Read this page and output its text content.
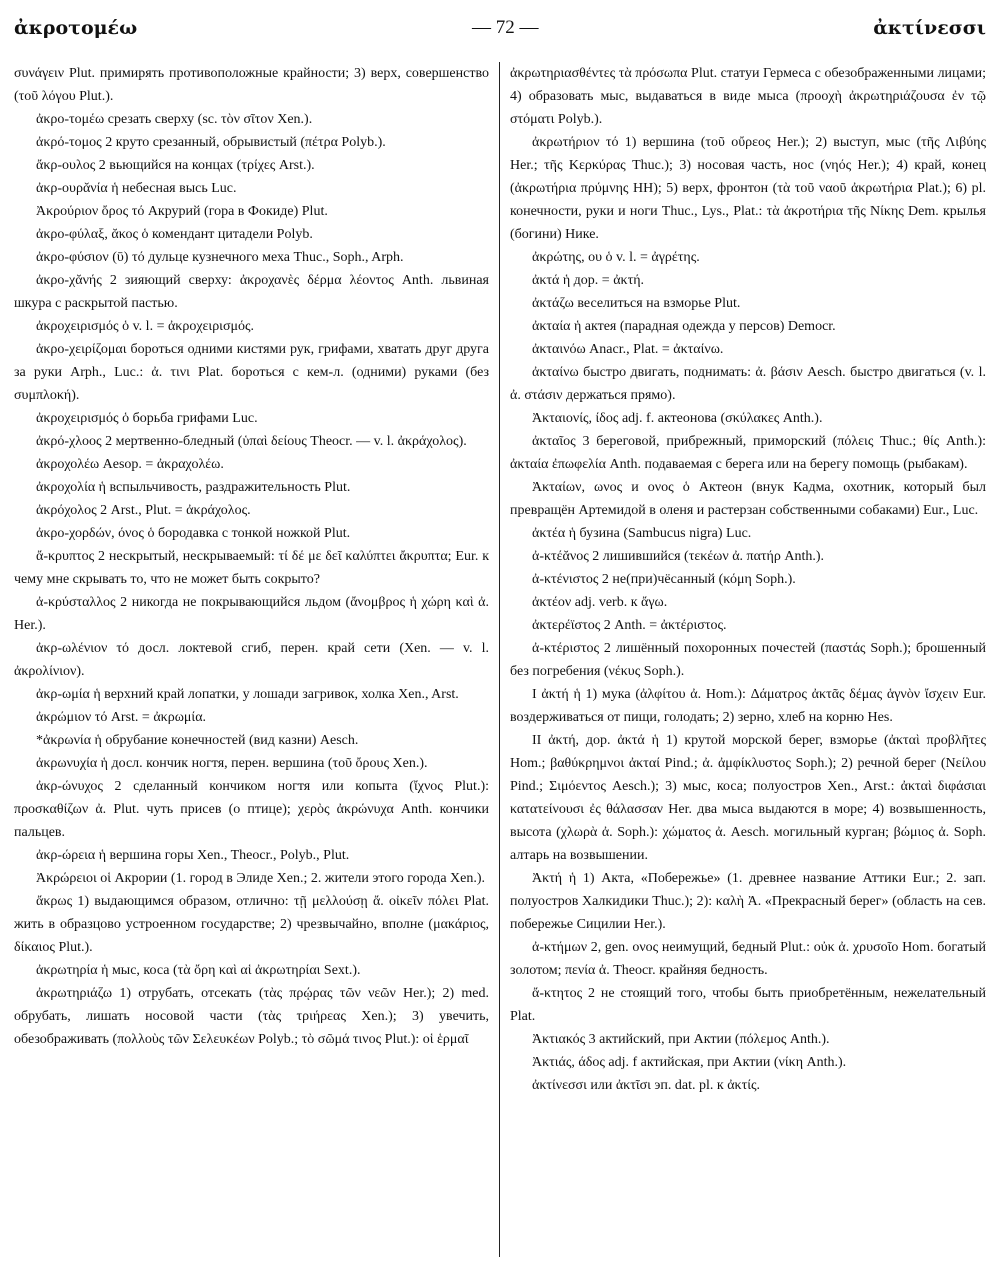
ἀκροτομέω	— 72 —	ἀκτίνεσσι

συνάγειν Plut. примирять противоположные крайности; 3) верх, совершенство (τοῦ λόγου Plut.).

ἀκρο-τομέω срезать сверху (sc. τὸν σῖτον Xen.).

ἀκρό-τομος 2 круто срезанный, обрывистый (πέτρα Polyb.).

ἄκρ-ουλος 2 вьющийся на концах (τρίχες Arst.).

ἀκρ-ουρᾰνία ἡ небесная высь Luc.

Ἀκρούριον ὄρος τό Акрурий (гора в Фокиде) Plut.

ἀκρο-φύλαξ, ᾰκος ὁ комендант цитадели Polyb.

ἀκρο-φύσιον (ῡ) τό дульце кузнечного меха Thuc., Soph., Arph.

ἀκρο-χᾰνής 2 зияющий сверху: ἀκροχανὲς δέρμα λέοντος Anth. львиная шкура с раскрытой пастью.

ἀκροχειρισμός ὁ v. l. = ἀκροχειρισμός.

ἀκρο-χειρίζομαι бороться одними кистями рук, грифами, хватать друг друга за руки Arph., Luc.: ἀ. τινι Plat. бороться с кем-л. (одними) руками (без συμπλοκή).

ἀκροχειρισμός ὁ борьба грифами Luc.

ἀκρό-χλοος 2 мертвенно-бледный (ὑπαὶ δείους Theocr. — v. l. ἀκράχολος).

ἀκροχολέω Aesop. = ἀκραχολέω.

ἀκροχολία ἡ вспыльчивость, раздражительность Plut.

ἀκρόχολος 2 Arst., Plut. = ἀκράχολος.

ἀκρο-χορδών, όνος ὁ бородавка с тонкой ножкой Plut.

ἄ-κρυπτος 2 нескрытый, нескрываемый: τί δέ με δεῖ καλύπτει ἄκρυπτα; Eur. к чему мне скрывать то, что не может быть сокрыто?

ἀ-κρύσταλλος 2 никогда не покрывающийся льдом (ἄνομβρος ἡ χώρη καὶ ἀ. Her.).

ἀκρ-ωλένιον τό досл. локтевой сгиб, перен. край сети (Xen. — v. l. ἀκρολίνιον).

ἀκρ-ωμία ἡ верхний край лопатки, у лошади загривок, холка Xen., Arst.

ἀκρώμιον τό Arst. = ἀκρωμία.

*ἀκρωνία ἡ обрубание конечностей (вид казни) Aesch.

ἀκρωνυχία ἡ досл. кончик ногтя, перен. вершина (τοῦ ὄρους Xen.).

ἀκρ-ώνυχος 2 сделанный кончиком ногтя или копыта (ἴχνος Plut.): προσκαθίζων ἀ. Plut. чуть присев (о птице); χερὸς ἀκρώνυχα Anth. кончики пальцев.

ἀκρ-ώρεια ἡ вершина горы Xen., Theocr., Polyb., Plut.

Ἀκρώρειοι οἱ Акрории (1. город в Элиде Xen.; 2. жители этого города Xen.).

ἄκρως 1) выдающимся образом, отлично: τῇ μελλούσῃ ἄ. οἰκεῖν πόλει Plat. жить в образцово устроенном государстве; 2) чрезвычайно, вполне (μακάριος, δίκαιος Plut.).

ἀκρωτηρία ἡ мыс, коса (τὰ ὄρη καὶ αἱ ἀκρωτηρίαι Sext.).

ἀκρωτηριάζω 1) отрубать, отсекать (τὰς πρῴρας τῶν νεῶν Her.); 2) med. обрубать, лишать носовой части (τὰς τριήρεας Xen.); 3) увечить, обезображивать (πολλοὺς τῶν Σελευκέων Polyb.; τὸ σῶμά τινος Plut.): οἱ ἑρμαῖ

ἀκρωτηριασθέντες τὰ πρόσωπα Plut. статуи Гермеса с обезображенными лицами; 4) образовать мыс, выдаваться в виде мыса (προοχὴ ἀκρωτηριάζουσα ἐν τῷ στόματι Polyb.).

ἀκρωτήριον τό 1) вершина (τοῦ οὔρεος Her.); 2) выступ, мыс (τῆς Λιβύης Her.; τῆς Κερκύρας Thuc.); 3) носовая часть, нос (νηός Her.); 4) край, конец (ἀκρωτήρια πρύμνης HH); 5) верх, фронтон (τὰ τοῦ ναοῦ ἀκρωτήρια Plat.); 6) pl. конечности, руки и ноги Thuc., Lys., Plat.: τὰ ἀκροτήρια τῆς Νίκης Dem. крылья (богини) Нике.

ἀκρώτης, ου ὁ v. l. = ἀγρέτης.

ἀκτά ἡ дор. = ἀκτή.

ἀκτάζω веселиться на взморье Plut.

ἀκταία ἡ актея (парадная одежда у персов) Democr.

ἀκταινόω Anacr., Plat. = ἀκταίνω.

ἀκταίνω быстро двигать, поднимать: ἀ. βάσιν Aesch. быстро двигаться (v. l. ἀ. στάσιν держаться прямо).

Ἀκταιονίς, ίδος adj. f. актеонова (σκύλακες Anth.).

ἀκταῖος 3 береговой, прибрежный, приморский (πόλεις Thuc.; θίς Anth.): ἀκταία ἐπωφελία Anth. подаваемая с берега или на берегу помощь (рыбакам).

Ἀκταίων, ωνος и ονος ὁ Актеон (внук Кадма, охотник, который был превращён Артемидой в оленя и растерзан собственными собаками) Eur., Luc.

ἀκτέα ἡ бузина (Sambucus nigra) Luc.

ἀ-κτέᾰνος 2 лишившийся (τεκέων ἀ. πατήρ Anth.).

ἀ-κτένιστος 2 не(при)чёсанный (κόμη Soph.).

ἀκτέον adj. verb. к ἄγω.

ἀκτερέϊστος 2 Anth. = ἀκτέριστος.

ἀ-κτέριστος 2 лишённый похоронных почестей (παστάς Soph.); брошенный без погребения (νέκυς Soph.).

I ἀκτή ἡ 1) мука (ἀλφίτου ἀ. Hom.): Δάματρος ἀκτᾶς δέμας ἁγνὸν ἴσχειν Eur. воздерживаться от пищи, голодать; 2) зерно, хлеб на корню Hes.

II ἀκτή, дор. ἀκτά ἡ 1) крутой морской берег, взморье (ἀκταὶ προβλῆτες Hom.; βαθύκρημνοι ἀκταί Pind.; ἀ. ἀμφίκλυστος Soph.); 2) речной берег (Νείλου Pind.; Σιμόεντος Aesch.); 3) мыс, коса; полуостров Xen., Arst.: ἀκταὶ διφάσιαι κατατείνουσι ἐς θάλασσαν Her. два мыса выдаются в море; 4) возвышенность, высота (χλωρὰ ἀ. Soph.): χώματος ἀ. Aesch. могильный курган; βώμιος ἀ. Soph. алтарь на возвышении.

Ἀκτή ἡ 1) Акта, «Побережье» (1. древнее название Аттики Eur.; 2. зап. полуостров Халкидики Thuc.); 2): καλὴ Ἀ. «Прекрасный берег» (область на сев. побережье Сицилии Her.).

ἀ-κτήμων 2, gen. ονος неимущий, бедный Plut.: οὐκ ἀ. χρυσοῖο Hom. богатый золотом; πενία ἀ. Theocr. крайняя бедность.

ἄ-κτητος 2 не стоящий того, чтобы быть приобретённым, нежелательный Plat.

Ἀκτιακός 3 актийский, при Актии (πόλεμος Anth.).

Ἀκτιάς, άδος adj. f актийская, при Актии (νίκη Anth.).

ἀκτίνεσσι или ἀκτῖσι эп. dat. pl. к ἀκτίς.
